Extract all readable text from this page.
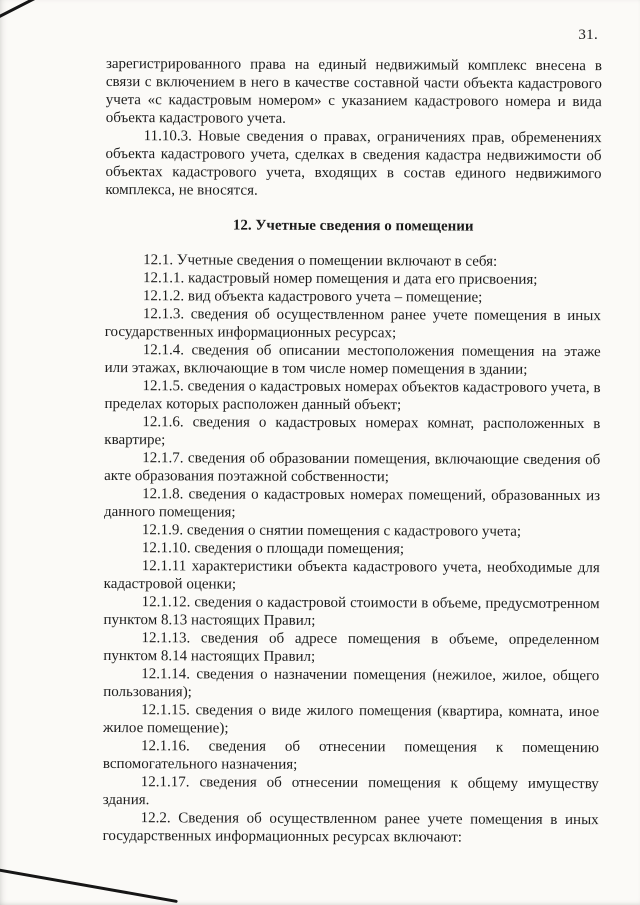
31.

зарегистрированного права на единый недвижимый комплекс внесена в связи с включением в него в качестве составной части объекта кадастрового учета «с кадастровым номером» с указанием кадастрового номера и вида объекта кадастрового учета.

11.10.3. Новые сведения о правах, ограничениях прав, обременениях объекта кадастрового учета, сделках в сведения кадастра недвижимости об объектах кадастрового учета, входящих в состав единого недвижимого комплекса, не вносятся.

12. Учетные сведения о помещении

12.1. Учетные сведения о помещении включают в себя:

12.1.1. кадастровый номер помещения и дата его присвоения;

12.1.2. вид объекта кадастрового учета – помещение;

12.1.3. сведения об осуществленном ранее учете помещения в иных государственных информационных ресурсах;

12.1.4. сведения об описании местоположения помещения на этаже или этажах, включающие в том числе номер помещения в здании;

12.1.5. сведения о кадастровых номерах объектов кадастрового учета, в пределах которых расположен данный объект;

12.1.6. сведения о кадастровых номерах комнат, расположенных в квартире;

12.1.7. сведения об образовании помещения, включающие сведения об акте образования поэтажной собственности;

12.1.8. сведения о кадастровых номерах помещений, образованных из данного помещения;

12.1.9. сведения о снятии помещения с кадастрового учета;

12.1.10. сведения о площади помещения;

12.1.11 характеристики объекта кадастрового учета, необходимые для кадастровой оценки;

12.1.12. сведения о кадастровой стоимости в объеме, предусмотренном пунктом 8.13 настоящих Правил;

12.1.13. сведения об адресе помещения в объеме, определенном пунктом 8.14 настоящих Правил;

12.1.14. сведения о назначении помещения (нежилое, жилое, общего пользования);

12.1.15. сведения о виде жилого помещения (квартира, комната, иное жилое помещение);

12.1.16. сведения об отнесении помещения к помещению вспомогательного назначения;

12.1.17. сведения об отнесении помещения к общему имуществу здания.

12.2. Сведения об осуществленном ранее учете помещения в иных государственных информационных ресурсах включают:
